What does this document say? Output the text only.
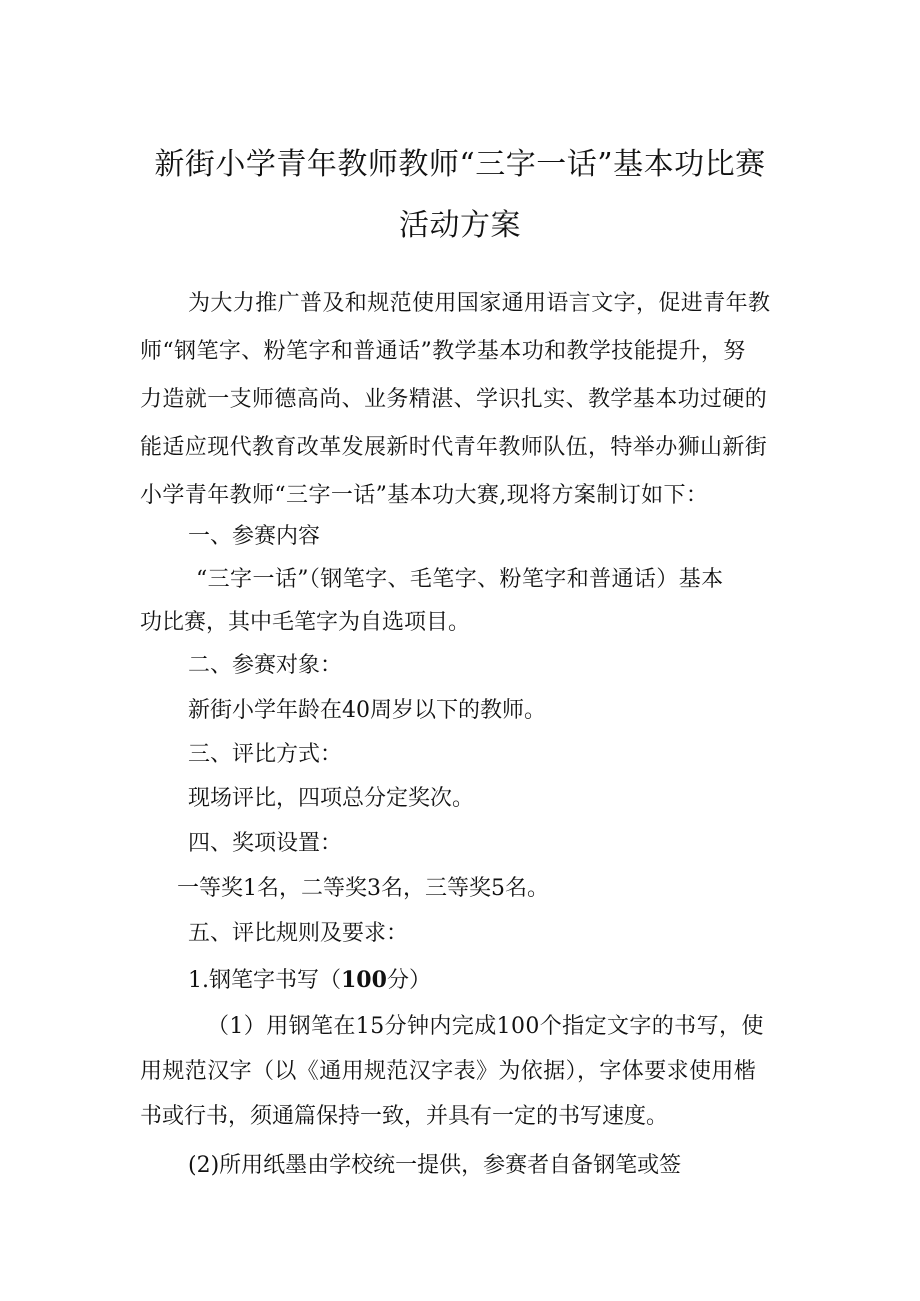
新街小学青年教师教师“三字一话”基本功比赛
活动方案
为大力推广普及和规范使用国家通用语言文字，促进青年教
师“钢笔字、粉笔字和普通话”教学基本功和教学技能提升，努
力造就一支师德高尚、业务精湛、学识扎实、教学基本功过硬的
能适应现代教育改革发展新时代青年教师队伍，特举办狮山新街
小学青年教师“三字一话”基本功大赛,现将方案制订如下：
一、参赛内容
“三字一话”（钢笔字、毛笔字、粉笔字和普通话）基本
功比赛，其中毛笔字为自选项目。
二、参赛对象：
新街小学年龄在40周岁以下的教师。
三、评比方式：
现场评比，四项总分定奖次。
四、奖项设置：
一等奖1名，二等奖3名，三等奖5名。
五、评比规则及要求：
1.钢笔字书写（100分）
（1）用钢笔在15分钟内完成100个指定文字的书写，使
用规范汉字（以《通用规范汉字表》为依据），字体要求使用楷
书或行书，须通篇保持一致，并具有一定的书写速度。
(2)所用纸墨由学校统一提供，参赛者自备钢笔或签
